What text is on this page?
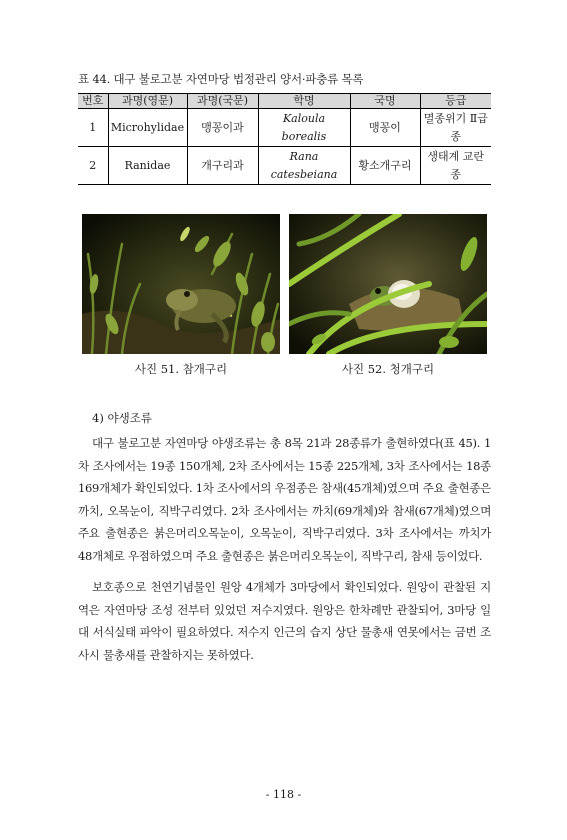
표 44. 대구 불로고분 자연마당 법정관리 양서·파충류 목록
번호	과명(영문)	과명(국문)	학명	국명	등급
1	Microhylidae	맹꽁이과	Kaloula borealis	맹꽁이	멸종위기 Ⅱ급종
2	Ranidae	개구리과	Rana catesbeiana	황소개구리	생태계 교란종
사진 51. 참개구리	사진 52. 청개구리
4) 야생조류

대구 불로고분 자연마당 야생조류는 총 8목 21과 28종류가 출현하였다(표 45). 1차 조사에서는 19종 150개체, 2차 조사에서는 15종 225개체, 3차 조사에서는 18종 169개체가 확인되었다. 1차 조사에서의 우점종은 참새(45개체)였으며 주요 출현종은 까치, 오목눈이, 직박구리였다. 2차 조사에서는 까치(69개체)와 참새(67개체)였으며 주요 출현종은 붉은머리오목눈이, 오목눈이, 직박구리였다. 3차 조사에서는 까치가 48개체로 우점하였으며 주요 출현종은 붉은머리오목눈이, 직박구리, 참새 등이었다.

보호종으로 천연기념물인 원앙 4개체가 3마당에서 확인되었다. 원앙이 관찰된 지역은 자연마당 조성 전부터 있었던 저수지였다. 원앙은 한차례만 관찰되어, 3마당 일대 서식실태 파악이 필요하였다. 저수지 인근의 습지 상단 물총새 연못에서는 금번 조사시 물총새를 관찰하지는 못하였다.

- 118 -
